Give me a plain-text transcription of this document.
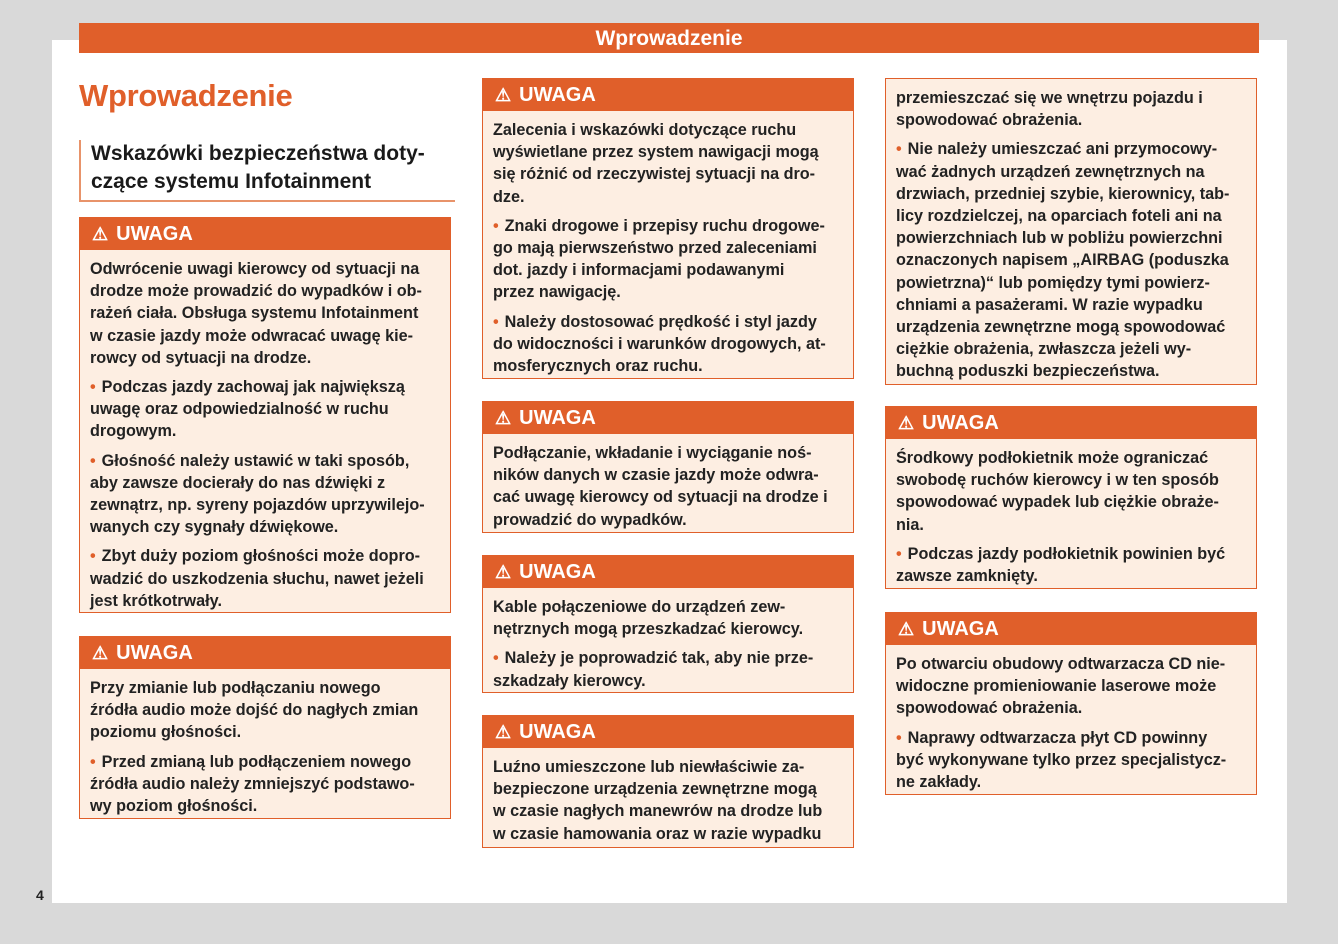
Wprowadzenie
Wprowadzenie
Wskazówki bezpieczeństwa doty-
czące systemu Infotainment
⚠ UWAGA
Odwrócenie uwagi kierowcy od sytuacji na
drodze może prowadzić do wypadków i ob-
rażeń ciała. Obsługa systemu Infotainment
w czasie jazdy może odwracać uwagę kie-
rowcy od sytuacji na drodze.
• Podczas jazdy zachowaj jak największą
uwagę oraz odpowiedzialność w ruchu
drogowym.
• Głośność należy ustawić w taki sposób,
aby zawsze docierały do nas dźwięki z
zewnątrz, np. syreny pojazdów uprzywilejo-
wanych czy sygnały dźwiękowe.
• Zbyt duży poziom głośności może dopro-
wadzić do uszkodzenia słuchu, nawet jeżeli
jest krótkotrwały.
⚠ UWAGA
Przy zmianie lub podłączaniu nowego
źródła audio może dojść do nagłych zmian
poziomu głośności.
• Przed zmianą lub podłączeniem nowego
źródła audio należy zmniejszyć podstawo-
wy poziom głośności.
⚠ UWAGA
Zalecenia i wskazówki dotyczące ruchu
wyświetlane przez system nawigacji mogą
się różnić od rzeczywistej sytuacji na dro-
dze.
• Znaki drogowe i przepisy ruchu drogowe-
go mają pierwszeństwo przed zaleceniami
dot. jazdy i informacjami podawanymi
przez nawigację.
• Należy dostosować prędkość i styl jazdy
do widoczności i warunków drogowych, at-
mosferycznych oraz ruchu.
⚠ UWAGA
Podłączanie, wkładanie i wyciąganie noś-
ników danych w czasie jazdy może odwra-
cać uwagę kierowcy od sytuacji na drodze i
prowadzić do wypadków.
⚠ UWAGA
Kable połączeniowe do urządzeń zew-
nętrznych mogą przeszkadzać kierowcy.
• Należy je poprowadzić tak, aby nie prze-
szkadzały kierowcy.
⚠ UWAGA
Luźno umieszczone lub niewłaściwie za-
bezpieczone urządzenia zewnętrzne mogą
w czasie nagłych manewrów na drodze lub
w czasie hamowania oraz w razie wypadku
przemieszczać się we wnętrzu pojazdu i
spowodować obrażenia.
• Nie należy umieszczać ani przymocowy-
wać żadnych urządzeń zewnętrznych na
drzwiach, przedniej szybie, kierownicy, tab-
licy rozdzielczej, na oparciach foteli ani na
powierzchniach lub w pobliżu powierzchni
oznaczonych napisem „AIRBAG (poduszka
powietrzna)“ lub pomiędzy tymi powierz-
chniami a pasażerami. W razie wypadku
urządzenia zewnętrzne mogą spowodować
ciężkie obrażenia, zwłaszcza jeżeli wy-
buchną poduszki bezpieczeństwa.
⚠ UWAGA
Środkowy podłokietnik może ograniczać
swobodę ruchów kierowcy i w ten sposób
spowodować wypadek lub ciężkie obraże-
nia.
• Podczas jazdy podłokietnik powinien być
zawsze zamknięty.
⚠ UWAGA
Po otwarciu obudowy odtwarzacza CD nie-
widoczne promieniowanie laserowe może
spowodować obrażenia.
• Naprawy odtwarzacza płyt CD powinny
być wykonywane tylko przez specjalistycz-
ne zakłady.
4
